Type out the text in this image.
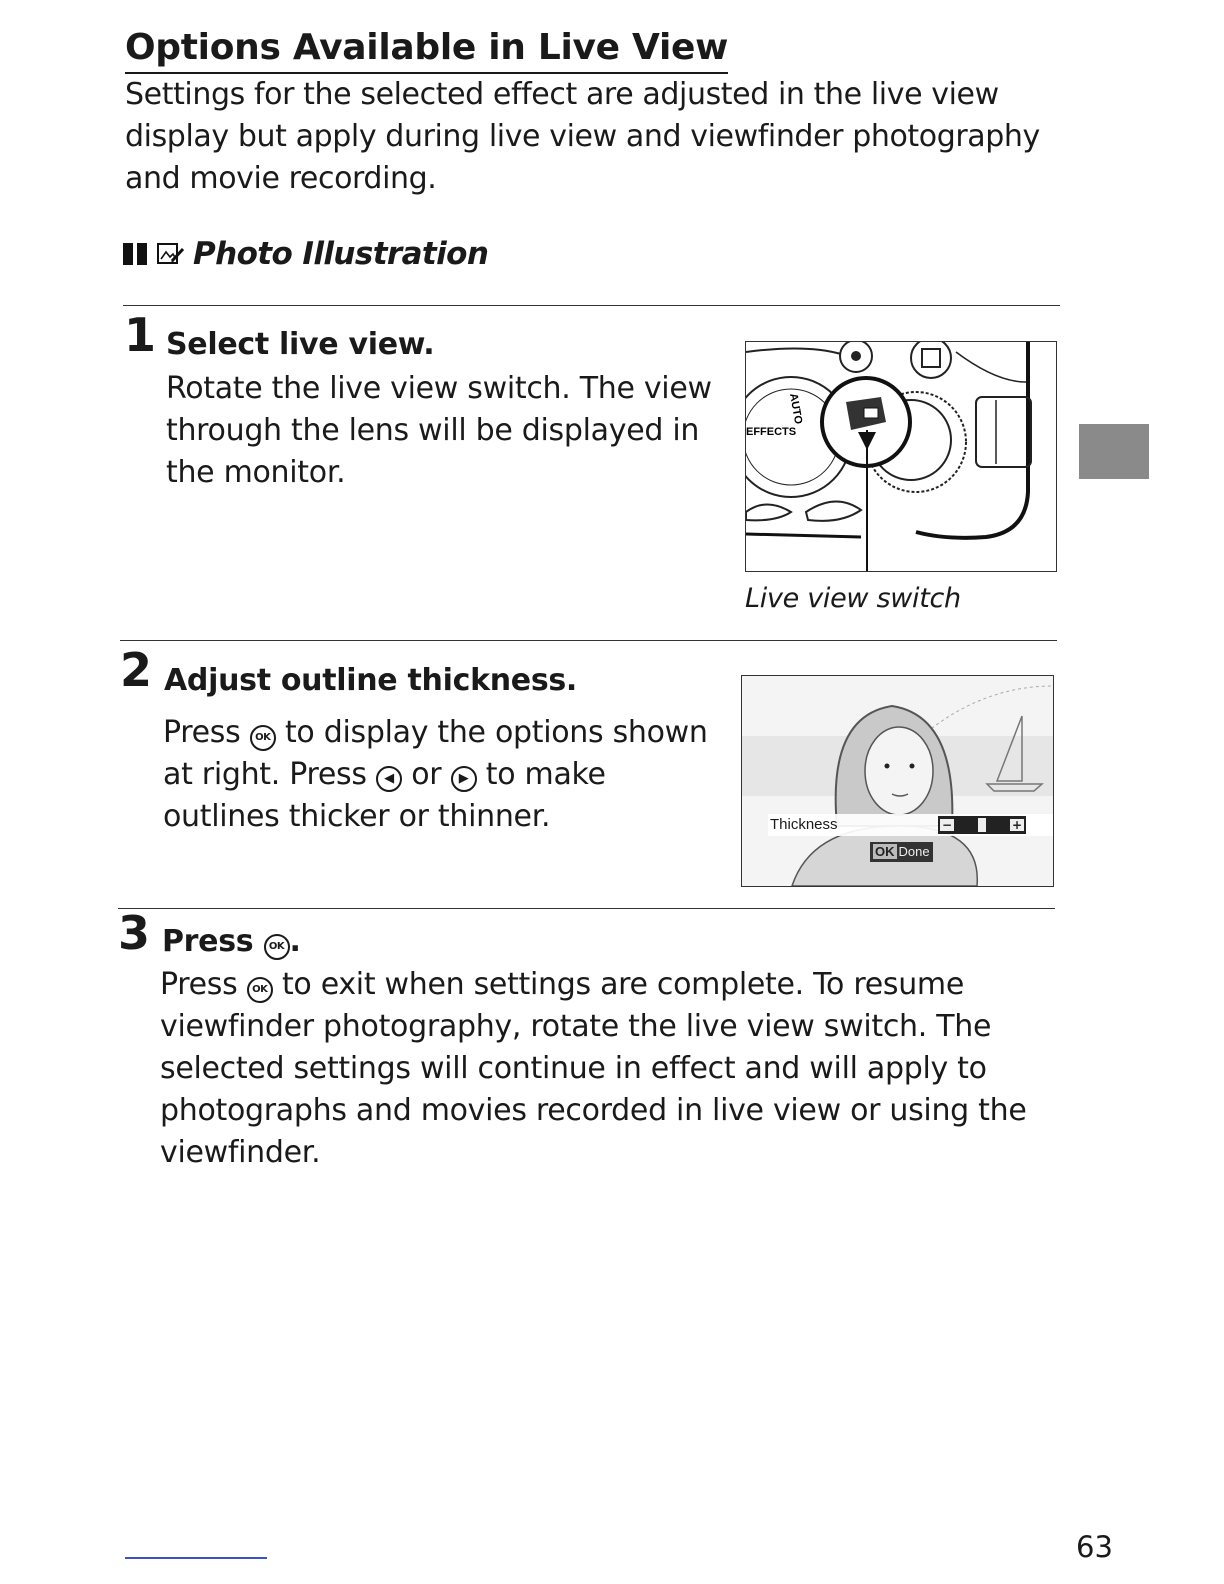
Options Available in Live View
Settings for the selected effect are adjusted in the live view display but apply during live view and viewfinder photography and movie recording.
Photo Illustration
1 Select live view.
Rotate the live view switch. The view through the lens will be displayed in the monitor.
EFFECTS
AUTO
Live view switch
2 Adjust outline thickness.
Press OK to display the options shown at right. Press ◀ or ▶ to make outlines thicker or thinner.	Thickness	−	+
OK Done
3 Press OK .
Press OK to exit when settings are complete. To resume viewfinder photography, rotate the live view switch. The selected settings will continue in effect and will apply to photographs and movies recorded in live view or using the viewfinder.
63
